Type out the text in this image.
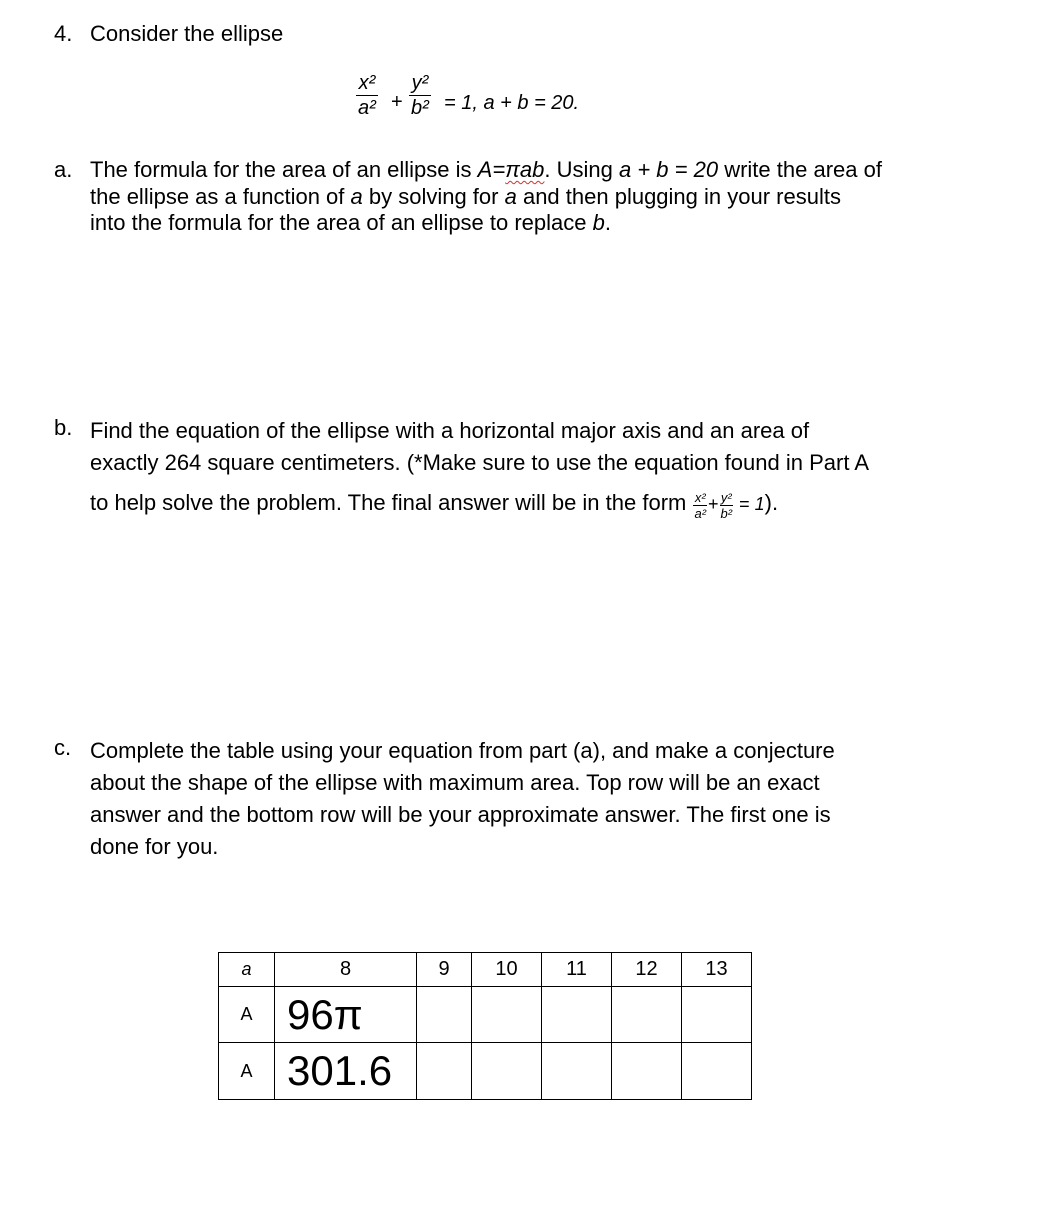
4. Consider the ellipse
x²
a² +
y²
b² = 1, a + b = 20.
a. The formula for the area of an ellipse is A=πab. Using a + b = 20 write the area of
the ellipse as a function of a by solving for a and then plugging in your results
into the formula for the area of an ellipse to replace b.
b. Find the equation of the ellipse with a horizontal major axis and an area of
exactly 264 square centimeters. (*Make sure to use the equation found in Part A
to help solve the problem. The final answer will be in the form $\frac{\text{x²}}{\text{a²}} + \frac{\text{y²}}{\text{b²}} = 1$).
c. Complete the table using your equation from part (a), and make a conjecture
about the shape of the ellipse with maximum area. Top row will be an exact
answer and the bottom row will be your approximate answer. The first one is
done for you.
a	8	9	10	11	12	13
A	96π					
A	301.6					
